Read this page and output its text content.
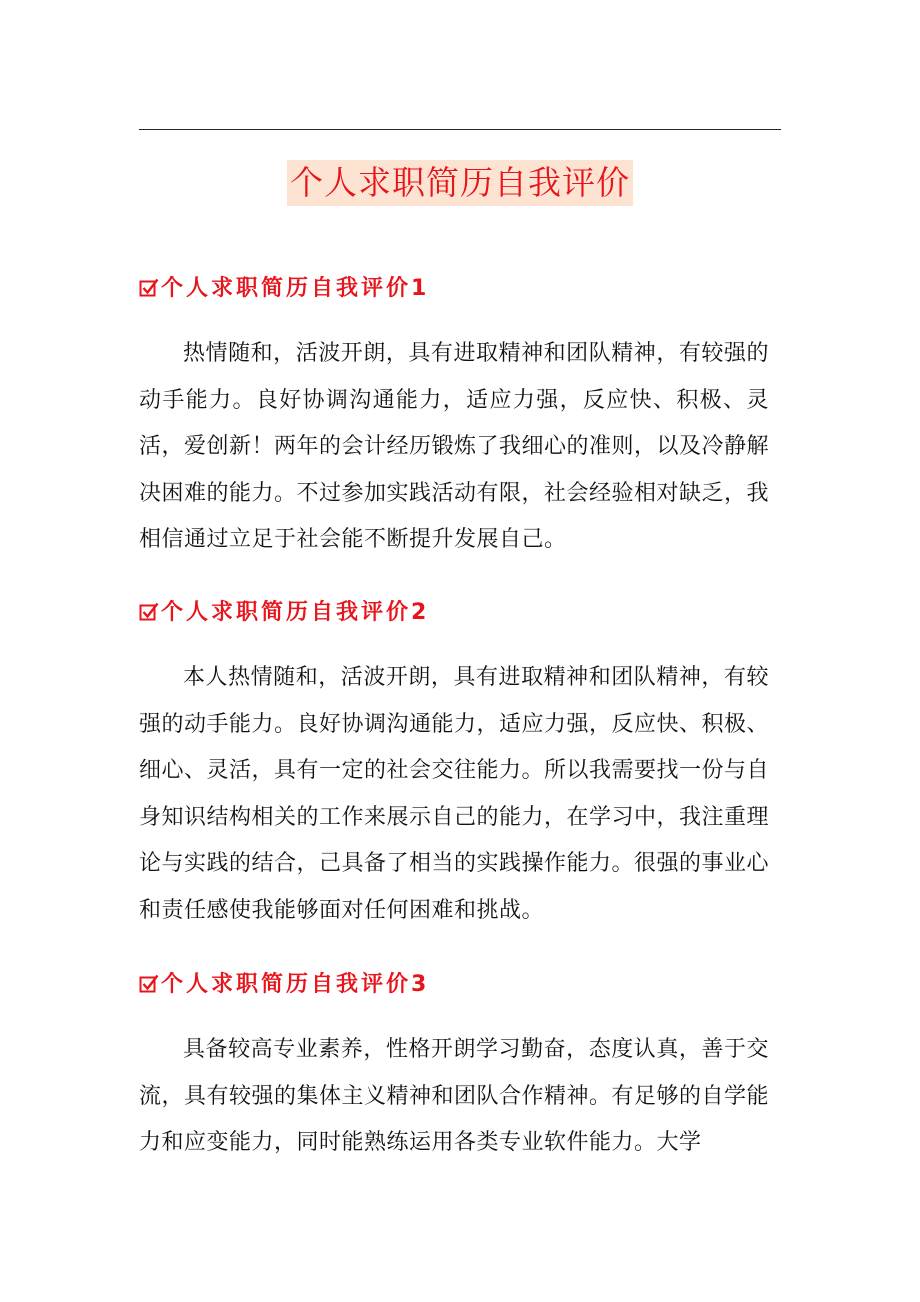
个人求职简历自我评价
个人求职简历自我评价1

热情随和，活波开朗，具有进取精神和团队精神，有较强的动手能力。良好协调沟通能力，适应力强，反应快、积极、灵活，爱创新！两年的会计经历锻炼了我细心的准则，以及冷静解决困难的能力。不过参加实践活动有限，社会经验相对缺乏，我相信通过立足于社会能不断提升发展自己。

个人求职简历自我评价2

本人热情随和，活波开朗，具有进取精神和团队精神，有较强的动手能力。良好协调沟通能力，适应力强，反应快、积极、细心、灵活，具有一定的社会交往能力。所以我需要找一份与自身知识结构相关的工作来展示自己的能力，在学习中，我注重理论与实践的结合，己具备了相当的实践操作能力。很强的事业心和责任感使我能够面对任何困难和挑战。

个人求职简历自我评价3

具备较高专业素养，性格开朗学习勤奋，态度认真，善于交流，具有较强的集体主义精神和团队合作精神。有足够的自学能力和应变能力，同时能熟练运用各类专业软件能力。大学
